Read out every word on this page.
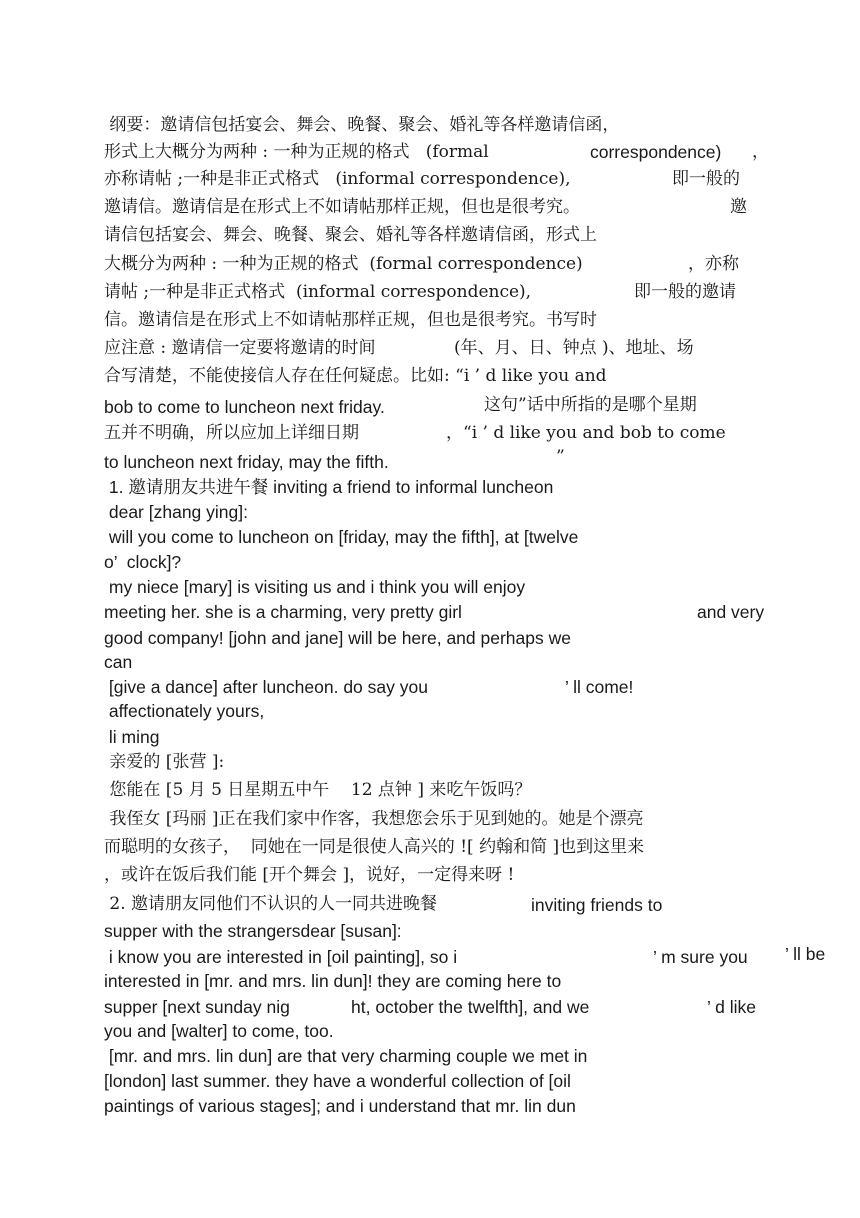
纲要：邀请信包括宴会、舞会、晚餐、聚会、婚礼等各样邀请信函，
形式上大概分为两种 : 一种为正规的格式   (formal	correspondence) ，
亦称请帖 ;一种是非正式格式   (informal correspondence),	即一般的
邀请信。邀请信是在形式上不如请帖那样正规，但也是很考究。	邀
请信包括宴会、舞会、晚餐、聚会、婚礼等各样邀请信函，形式上
大概分为两种 : 一种为正规的格式  (formal correspondence)	，亦称
请帖 ;一种是非正式格式  (informal correspondence),	即一般的邀请
信。邀请信是在形式上不如请帖那样正规，但也是很考究。书写时
应注意 : 邀请信一定要将邀请的时间	(年、月、日、钟点 )、地址、场
合写清楚，不能使接信人存在任何疑虑。比如: “i ’ d like you and
bob to come to luncheon next friday.	这句”话中所指的是哪个星期
五并不明确，所以应加上详细日期	，“i ’ d like you and bob to come
to luncheon next friday, may the fifth.	”
1. 邀请朋友共进午餐 inviting a friend to informal luncheon
dear [zhang ying]:
will you come to luncheon on [friday, may the fifth], at [twelve
o’  clock]?
my niece [mary] is visiting us and i think you will enjoy
meeting her. she is a charming, very pretty girl	and very
good company! [john and jane] will be here, and perhaps we
can
[give a dance] after luncheon. do say you	’ ll come!
affectionately yours,
li ming
亲爱的 [张营 ]:
您能在 [5 月 5 日星期五中午    12 点钟 ] 来吃午饭吗？
我侄女 [玛丽 ]正在我们家中作客，我想您会乐于见到她的。她是个漂亮
而聪明的女孩子，  同她在一同是很使人高兴的 ![ 约翰和简 ]也到这里来
，或许在饭后我们能 [开个舞会 ]，说好，一定得来呀 !
2. 邀请朋友同他们不认识的人一同共进晚餐	inviting friends to
supper with the strangersdear [susan]:
i know you are interested in [oil painting], so i	’ m sure you ’ ll be
interested in [mr. and mrs. lin dun]! they are coming here to
supper [next sunday nig	ht, october the twelfth], and we	’ d like
you and [walter] to come, too.
[mr. and mrs. lin dun] are that very charming couple we met in
[london] last summer. they have a wonderful collection of [oil
paintings of various stages]; and i understand that mr. lin dun
